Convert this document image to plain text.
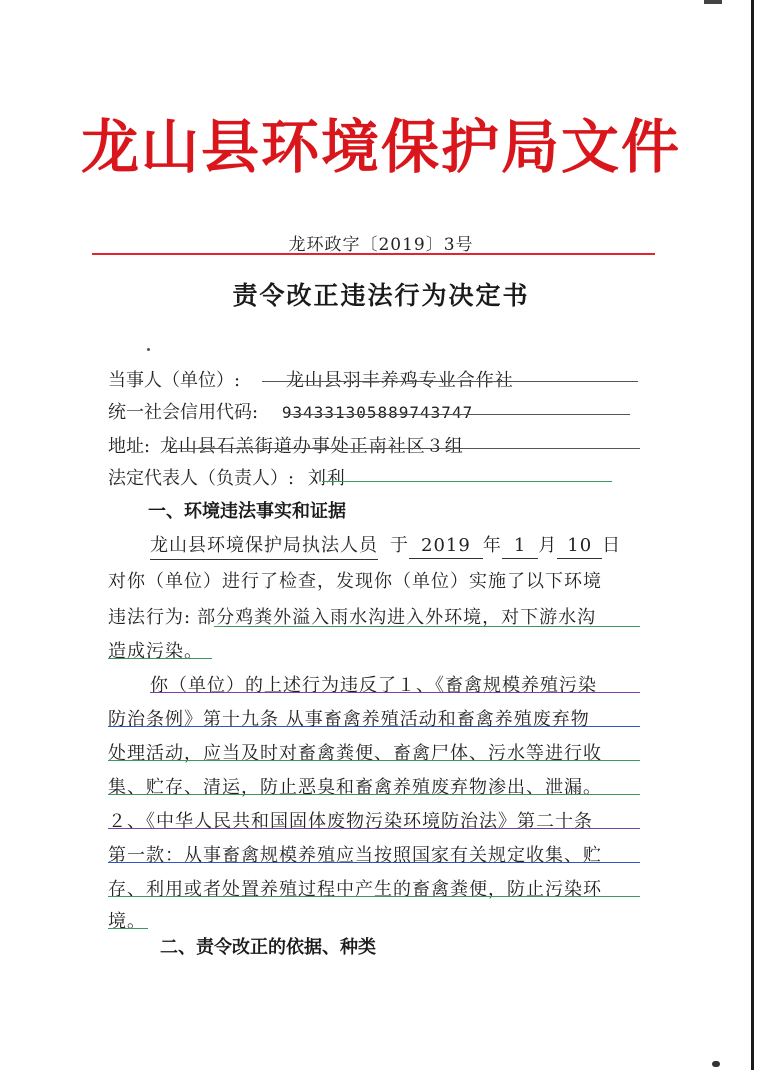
龙山县环境保护局文件
龙环政字〔2019〕3号
责令改正违法行为决定书
当事人（单位）:	龙山县羽丰养鸡专业合作社
统一社会信用代码: 934331305889743747
地址: 龙山县石羔街道办事处正南社区３组
法定代表人（负责人）: 刘利
一、环境违法事实和证据
龙山县环境保护局执法人员 于 2019 年 1 月 10 日
对你（单位）进行了检查，发现你（单位）实施了以下环境
违法行为: 部分鸡粪外溢入雨水沟进入外环境，对下游水沟
造成污染。
你（单位）的上述行为违反了１、《畜禽规模养殖污染
防治条例》第十九条 从事畜禽养殖活动和畜禽养殖废弃物
处理活动，应当及时对畜禽粪便、畜禽尸体、污水等进行收
集、贮存、清运，防止恶臭和畜禽养殖废弃物渗出、泄漏。
２、《中华人民共和国固体废物污染环境防治法》第二十条
第一款：从事畜禽规模养殖应当按照国家有关规定收集、贮
存、利用或者处置养殖过程中产生的畜禽粪便，防止污染环
境。
二、责令改正的依据、种类
